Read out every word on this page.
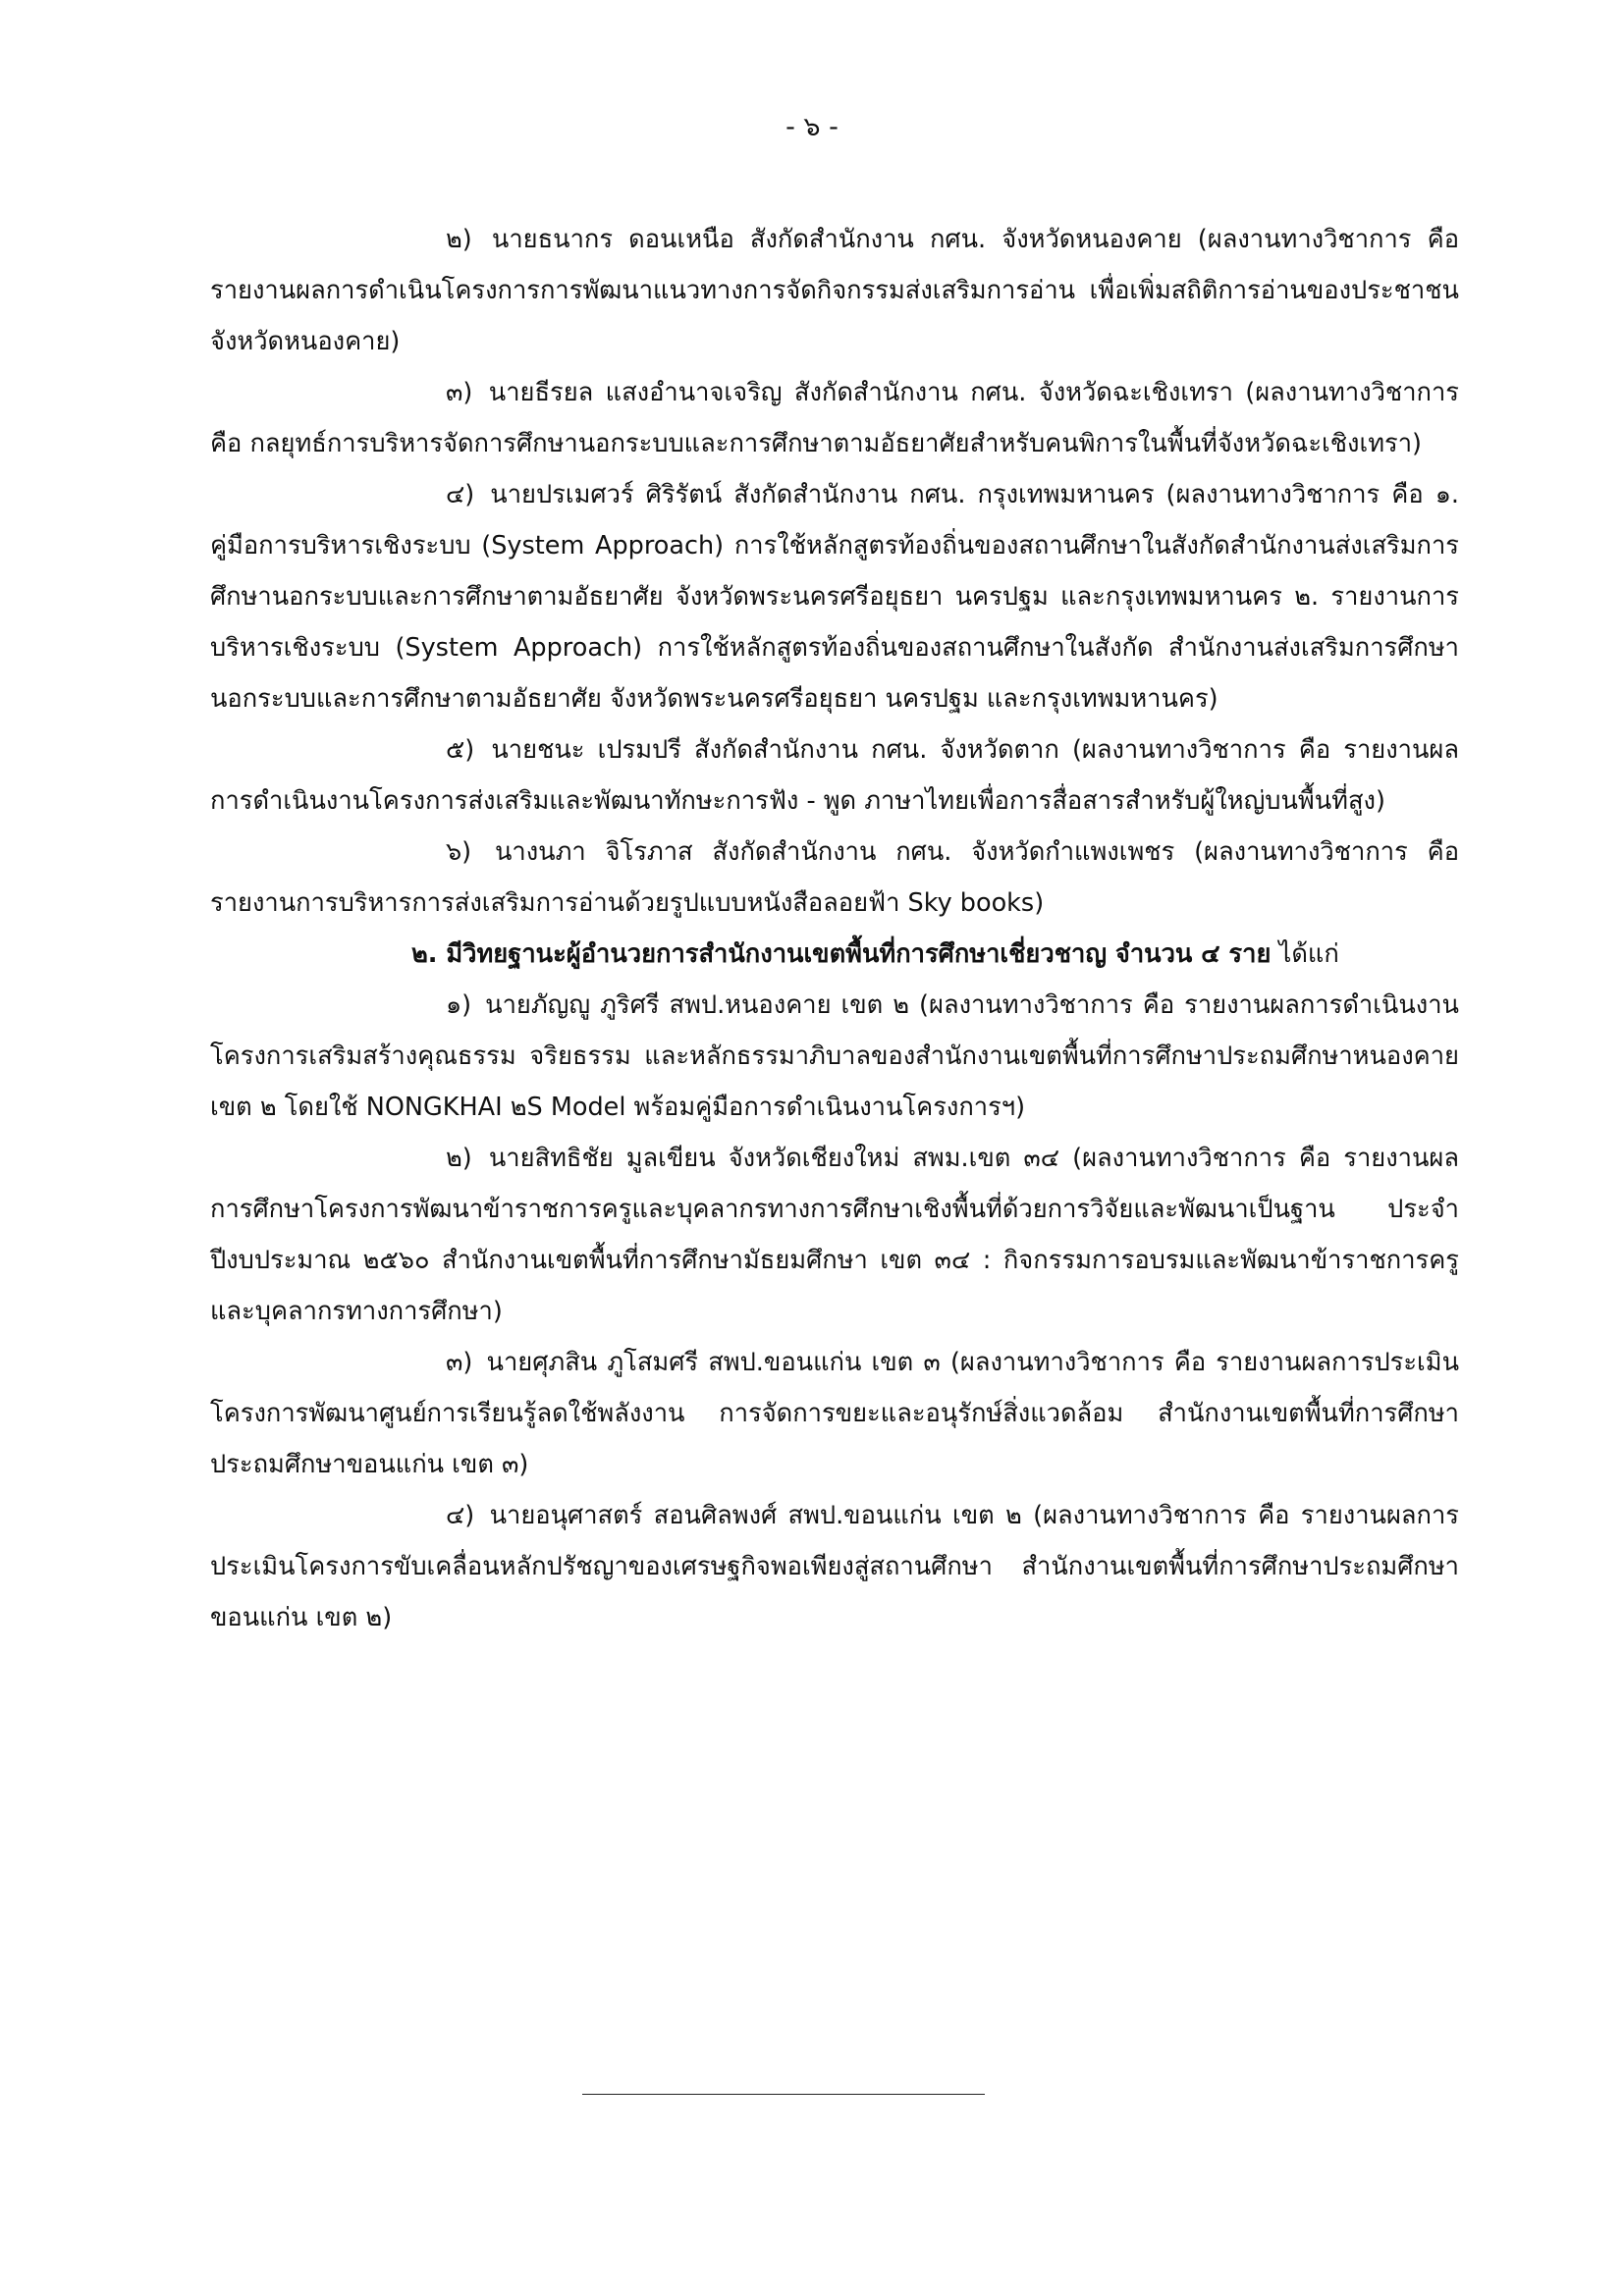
- ๖ -

๒) นายธนากร ดอนเหนือ สังกัดสำนักงาน กศน. จังหวัดหนองคาย (ผลงานทางวิชาการ คือ รายงานผลการดำเนินโครงการการพัฒนาแนวทางการจัดกิจกรรมส่งเสริมการอ่าน เพื่อเพิ่มสถิติการอ่านของประชาชนจังหวัดหนองคาย)

๓) นายธีรยล แสงอำนาจเจริญ สังกัดสำนักงาน กศน. จังหวัดฉะเชิงเทรา (ผลงานทางวิชาการ คือ กลยุทธ์การบริหารจัดการศึกษานอกระบบและการศึกษาตามอัธยาศัยสำหรับคนพิการในพื้นที่จังหวัดฉะเชิงเทรา)

๔) นายปรเมศวร์ ศิริรัตน์ สังกัดสำนักงาน กศน. กรุงเทพมหานคร (ผลงานทางวิชาการ คือ ๑. คู่มือการบริหารเชิงระบบ (System Approach) การใช้หลักสูตรท้องถิ่นของสถานศึกษาในสังกัดสำนักงานส่งเสริมการศึกษานอกระบบและการศึกษาตามอัธยาศัย จังหวัดพระนครศรีอยุธยา นครปฐม และกรุงเทพมหานคร ๒. รายงานการบริหารเชิงระบบ (System Approach) การใช้หลักสูตรท้องถิ่นของสถานศึกษาในสังกัด สำนักงานส่งเสริมการศึกษานอกระบบและการศึกษาตามอัธยาศัย จังหวัดพระนครศรีอยุธยา นครปฐม และกรุงเทพมหานคร)

๕) นายชนะ เปรมปรี สังกัดสำนักงาน กศน. จังหวัดตาก (ผลงานทางวิชาการ คือ รายงานผลการดำเนินงานโครงการส่งเสริมและพัฒนาทักษะการฟัง - พูด ภาษาไทยเพื่อการสื่อสารสำหรับผู้ใหญ่บนพื้นที่สูง)

๖) นางนภา จิโรภาส สังกัดสำนักงาน กศน. จังหวัดกำแพงเพชร (ผลงานทางวิชาการ คือ รายงานการบริหารการส่งเสริมการอ่านด้วยรูปแบบหนังสือลอยฟ้า Sky books)

๒. มีวิทยฐานะผู้อำนวยการสำนักงานเขตพื้นที่การศึกษาเชี่ยวชาญ จำนวน ๔ ราย ได้แก่

๑) นายภัญญู ภูริศรี สพป.หนองคาย เขต ๒ (ผลงานทางวิชาการ คือ รายงานผลการดำเนินงานโครงการเสริมสร้างคุณธรรม จริยธรรม และหลักธรรมาภิบาลของสำนักงานเขตพื้นที่การศึกษาประถมศึกษาหนองคาย เขต ๒ โดยใช้ NONGKHAI ๒S Model พร้อมคู่มือการดำเนินงานโครงการฯ)

๒) นายสิทธิชัย มูลเขียน จังหวัดเชียงใหม่ สพม.เขต ๓๔ (ผลงานทางวิชาการ คือ รายงานผลการศึกษาโครงการพัฒนาข้าราชการครูและบุคลากรทางการศึกษาเชิงพื้นที่ด้วยการวิจัยและพัฒนาเป็นฐาน ประจำปีงบประมาณ ๒๕๖๐ สำนักงานเขตพื้นที่การศึกษามัธยมศึกษา เขต ๓๔ : กิจกรรมการอบรมและพัฒนาข้าราชการครูและบุคลากรทางการศึกษา)

๓) นายศุภสิน ภูโสมศรี สพป.ขอนแก่น เขต ๓ (ผลงานทางวิชาการ คือ รายงานผลการประเมินโครงการพัฒนาศูนย์การเรียนรู้ลดใช้พลังงาน การจัดการขยะและอนุรักษ์สิ่งแวดล้อม สำนักงานเขตพื้นที่การศึกษาประถมศึกษาขอนแก่น เขต ๓)

๔) นายอนุศาสตร์ สอนศิลพงศ์ สพป.ขอนแก่น เขต ๒ (ผลงานทางวิชาการ คือ รายงานผลการประเมินโครงการขับเคลื่อนหลักปรัชญาของเศรษฐกิจพอเพียงสู่สถานศึกษา สำนักงานเขตพื้นที่การศึกษาประถมศึกษาขอนแก่น เขต ๒)
